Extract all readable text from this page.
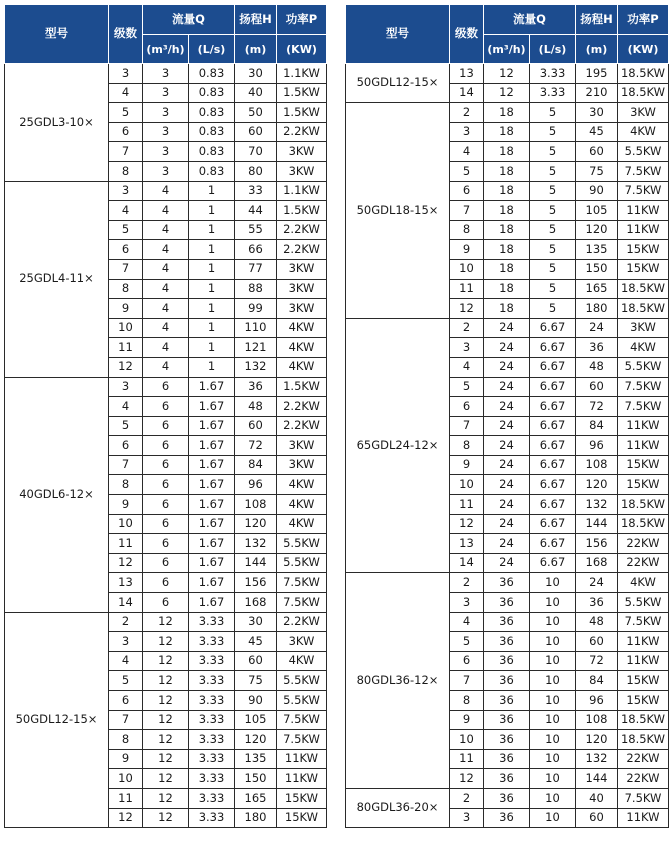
型号	级数	流量Q		扬程H	功率P
		(m³/h)	(L/s)	(m)	(KW)
25GDL3-10×	3	3	0.83	30	1.1KW
	4	3	0.83	40	1.5KW
	5	3	0.83	50	1.5KW
	6	3	0.83	60	2.2KW
	7	3	0.83	70	3KW
	8	3	0.83	80	3KW
25GDL4-11×	3	4	1	33	1.1KW
	4	4	1	44	1.5KW
	5	4	1	55	2.2KW
	6	4	1	66	2.2KW
	7	4	1	77	3KW
	8	4	1	88	3KW
	9	4	1	99	3KW
	10	4	1	110	4KW
	11	4	1	121	4KW
	12	4	1	132	4KW
40GDL6-12×	3	6	1.67	36	1.5KW
	4	6	1.67	48	2.2KW
	5	6	1.67	60	2.2KW
	6	6	1.67	72	3KW
	7	6	1.67	84	3KW
	8	6	1.67	96	4KW
	9	6	1.67	108	4KW
	10	6	1.67	120	4KW
	11	6	1.67	132	5.5KW
	12	6	1.67	144	5.5KW
	13	6	1.67	156	7.5KW
	14	6	1.67	168	7.5KW
50GDL12-15×	2	12	3.33	30	2.2KW
	3	12	3.33	45	3KW
	4	12	3.33	60	4KW
	5	12	3.33	75	5.5KW
	6	12	3.33	90	5.5KW
	7	12	3.33	105	7.5KW
	8	12	3.33	120	7.5KW
	9	12	3.33	135	11KW
	10	12	3.33	150	11KW
	11	12	3.33	165	15KW
	12	12	3.33	180	15KW
型号	级数	流量Q		扬程H	功率P
		(m³/h)	(L/s)	(m)	(KW)
50GDL12-15×	13	12	3.33	195	18.5KW
	14	12	3.33	210	18.5KW
50GDL18-15×	2	18	5	30	3KW
	3	18	5	45	4KW
	4	18	5	60	5.5KW
	5	18	5	75	7.5KW
	6	18	5	90	7.5KW
	7	18	5	105	11KW
	8	18	5	120	11KW
	9	18	5	135	15KW
	10	18	5	150	15KW
	11	18	5	165	18.5KW
	12	18	5	180	18.5KW
65GDL24-12×	2	24	6.67	24	3KW
	3	24	6.67	36	4KW
	4	24	6.67	48	5.5KW
	5	24	6.67	60	7.5KW
	6	24	6.67	72	7.5KW
	7	24	6.67	84	11KW
	8	24	6.67	96	11KW
	9	24	6.67	108	15KW
	10	24	6.67	120	15KW
	11	24	6.67	132	18.5KW
	12	24	6.67	144	18.5KW
	13	24	6.67	156	22KW
	14	24	6.67	168	22KW
80GDL36-12×	2	36	10	24	4KW
	3	36	10	36	5.5KW
	4	36	10	48	7.5KW
	5	36	10	60	11KW
	6	36	10	72	11KW
	7	36	10	84	15KW
	8	36	10	96	15KW
	9	36	10	108	18.5KW
	10	36	10	120	18.5KW
	11	36	10	132	22KW
	12	36	10	144	22KW
80GDL36-20×	2	36	10	40	7.5KW
	3	36	10	60	11KW
